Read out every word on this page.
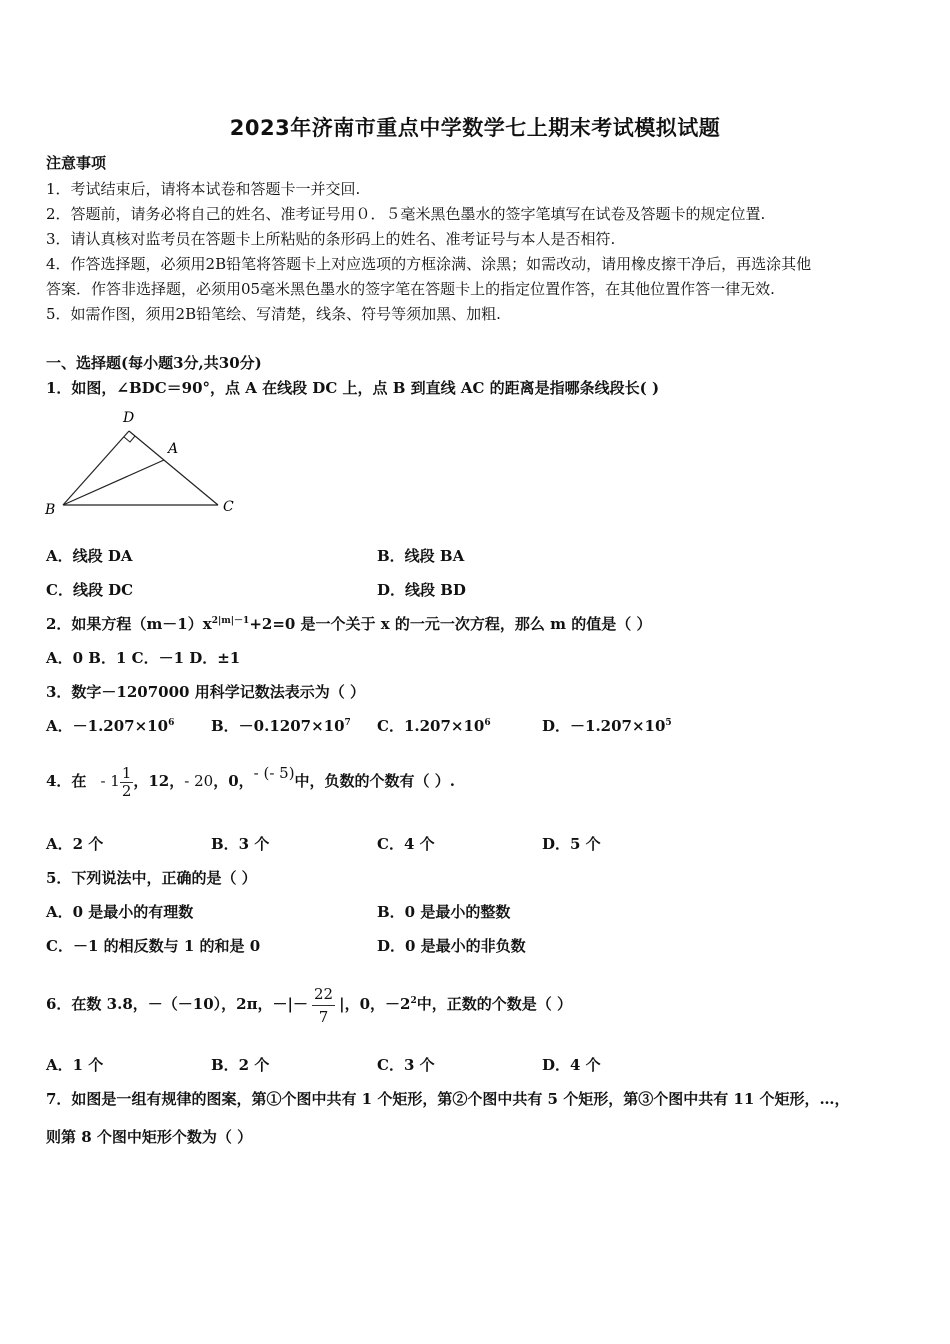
2023年济南市重点中学数学七上期末考试模拟试题
注意事项
1．考试结束后，请将本试卷和答题卡一并交回.
2．答题前，请务必将自己的姓名、准考证号用０．５毫米黑色墨水的签字笔填写在试卷及答题卡的规定位置.
3．请认真核对监考员在答题卡上所粘贴的条形码上的姓名、准考证号与本人是否相符.
4．作答选择题，必须用2B铅笔将答题卡上对应选项的方框涂满、涂黑；如需改动，请用橡皮擦干净后，再选涂其他
答案．作答非选择题，必须用05毫米黑色墨水的签字笔在答题卡上的指定位置作答，在其他位置作答一律无效.
5．如需作图，须用2B铅笔绘、写清楚，线条、符号等须加黑、加粗.
一、选择题(每小题3分,共30分)
1．如图，∠BDC＝90°，点 A 在线段 DC 上，点 B 到直线 AC 的距离是指哪条线段长( )
D
A
B	C
A．线段 DA	B．线段 BA
C．线段 DC	D．线段 BD
2．如果方程$(m-1)x^{2|m|-1}+2=0$ 是一个关于 x 的一元一次方程，那么 m 的值是（ ）
A．0 B．1 C．－1 D．±1
3．数字－1207000 用科学记数法表示为（ ）
A．$-1.207\times 10^6$ B．$-0.1207\times 10^7$ C．$1.207\times 10^6$	D．$-1.207\times 10^5$
4．在 - $1 \frac{1}{2}$ ，12，- 20，0，- (- 5)中，负数的个数有（ ）.
A．2 个	B．3 个	C．4 个	D．5 个
5．下列说法中，正确的是（ ）
A．0 是最小的有理数	B．0 是最小的整数
C．－1 的相反数与 1 的和是 0	D．0 是最小的非负数
6．在数 3.8，－（－10），2π，－|－ $\frac{22}{7}$ |，0，$-2^2$中，正数的个数是（ ）
A．1 个	B．2 个	C．3 个	D．4 个
7．如图是一组有规律的图案，第①个图中共有 1 个矩形，第②个图中共有 5 个矩形，第③个图中共有 11 个矩形，…，
则第 8 个图中矩形个数为（ ）
